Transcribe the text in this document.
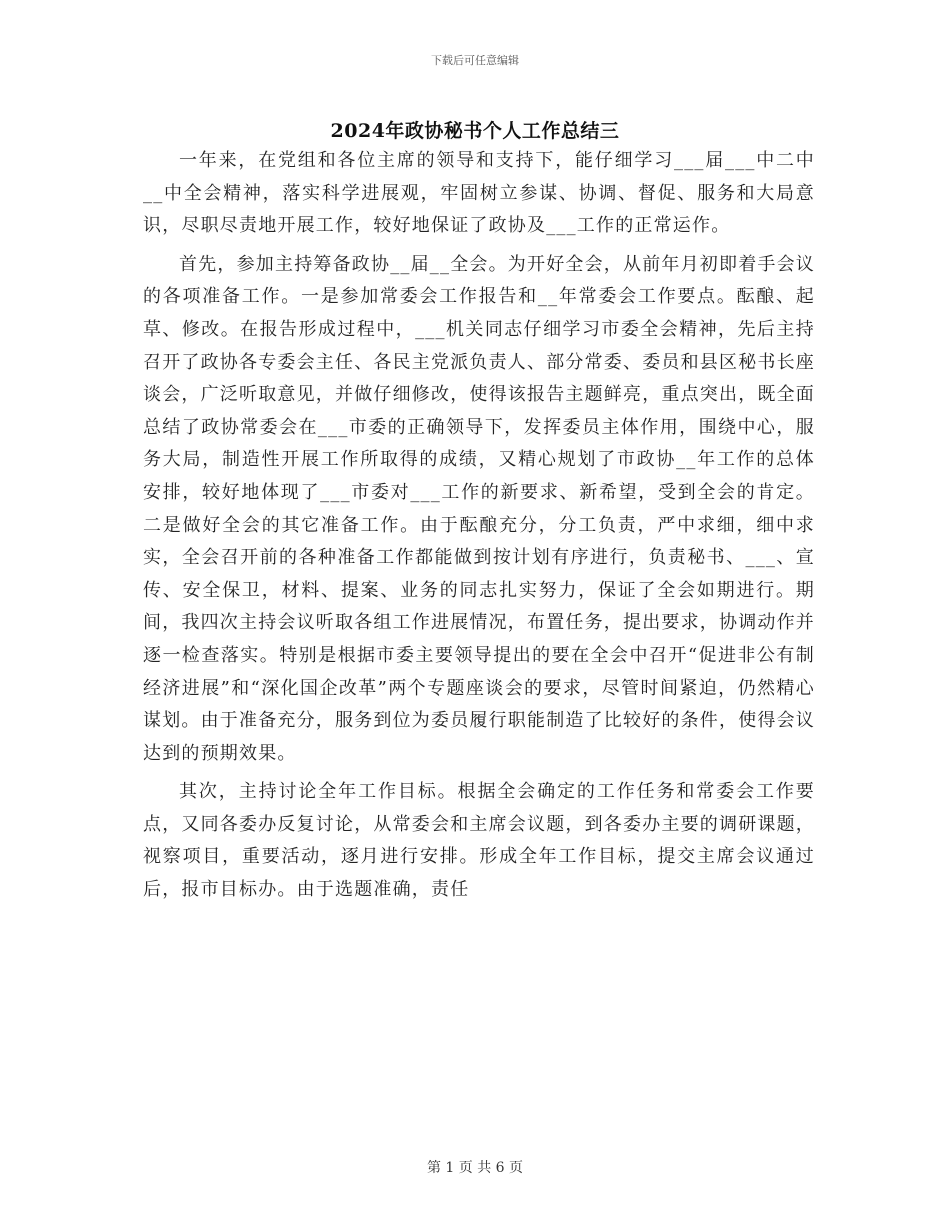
下载后可任意编辑
2024年政协秘书个人工作总结三

一年来，在党组和各位主席的领导和支持下，能仔细学习___届___中二中__中全会精神，落实科学进展观，牢固树立参谋、协调、督促、服务和大局意识，尽职尽责地开展工作，较好地保证了政协及___工作的正常运作。

首先，参加主持筹备政协__届__全会。为开好全会，从前年月初即着手会议的各项准备工作。一是参加常委会工作报告和__年常委会工作要点。酝酿、起草、修改。在报告形成过程中，___机关同志仔细学习市委全会精神，先后主持召开了政协各专委会主任、各民主党派负责人、部分常委、委员和县区秘书长座谈会，广泛听取意见，并做仔细修改，使得该报告主题鲜亮，重点突出，既全面总结了政协常委会在___市委的正确领导下，发挥委员主体作用，围绕中心，服务大局，制造性开展工作所取得的成绩，又精心规划了市政协__年工作的总体安排，较好地体现了___市委对___工作的新要求、新希望，受到全会的肯定。二是做好全会的其它准备工作。由于酝酿充分，分工负责，严中求细，细中求实，全会召开前的各种准备工作都能做到按计划有序进行，负责秘书、___、宣传、安全保卫，材料、提案、业务的同志扎实努力，保证了全会如期进行。期间，我四次主持会议听取各组工作进展情况，布置任务，提出要求，协调动作并逐一检查落实。特别是根据市委主要领导提出的要在全会中召开“促进非公有制经济进展”和“深化国企改革”两个专题座谈会的要求，尽管时间紧迫，仍然精心谋划。由于准备充分，服务到位为委员履行职能制造了比较好的条件，使得会议达到的预期效果。

其次，主持讨论全年工作目标。根据全会确定的工作任务和常委会工作要点，又同各委办反复讨论，从常委会和主席会议题，到各委办主要的调研课题，视察项目，重要活动，逐月进行安排。形成全年工作目标，提交主席会议通过后，报市目标办。由于选题准确，责任

第 1 页 共 6 页
